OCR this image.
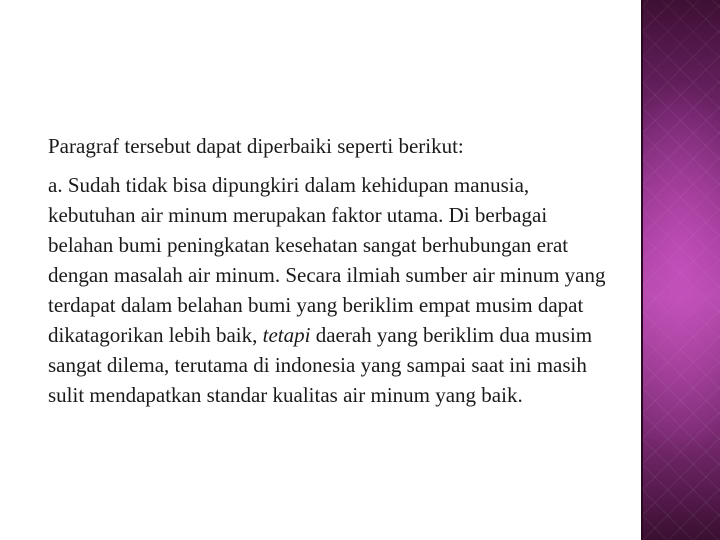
Paragraf tersebut dapat diperbaiki seperti berikut:

a. Sudah tidak bisa dipungkiri dalam kehidupan manusia, kebutuhan air minum merupakan faktor utama. Di berbagai belahan bumi peningkatan kesehatan sangat berhubungan erat dengan masalah air minum. Secara ilmiah sumber air minum yang terdapat dalam belahan bumi yang beriklim empat musim dapat dikatagorikan lebih baik, tetapi daerah yang beriklim dua musim sangat dilema, terutama di indonesia yang sampai saat ini masih sulit mendapatkan standar kualitas air minum yang baik.
